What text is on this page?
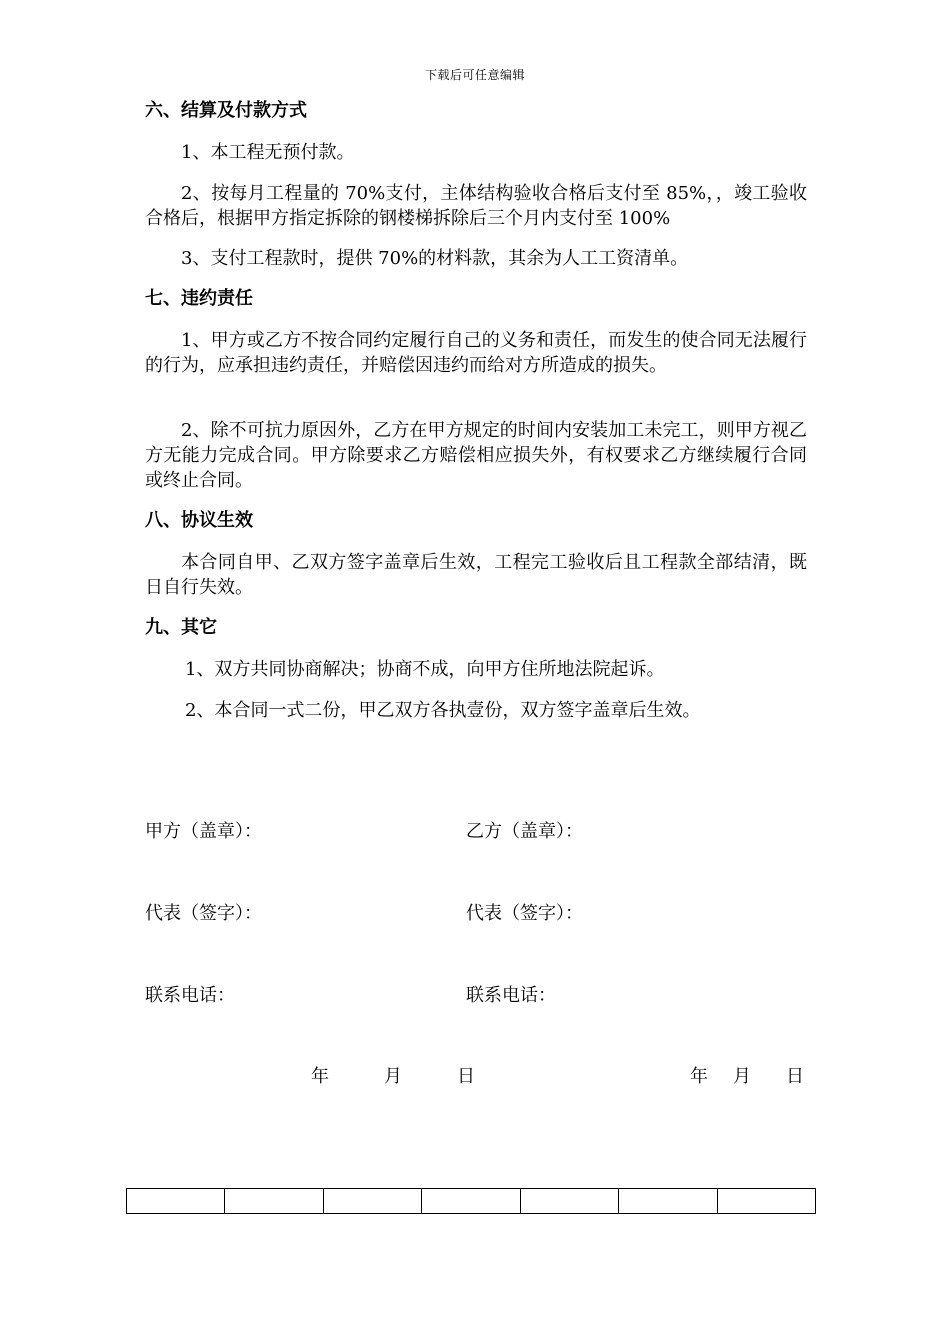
下载后可任意编辑
六、结算及付款方式
1、本工程无预付款。
2、按每月工程量的 70%支付，主体结构验收合格后支付至 85%，，竣工验收合格后，根据甲方指定拆除的钢楼梯拆除后三个月内支付至 100%
3、支付工程款时，提供 70%的材料款，其余为人工工资清单。
七、违约责任
1、甲方或乙方不按合同约定履行自己的义务和责任，而发生的使合同无法履行的行为，应承担违约责任，并赔偿因违约而给对方所造成的损失。
2、除不可抗力原因外，乙方在甲方规定的时间内安装加工未完工，则甲方视乙方无能力完成合同。甲方除要求乙方赔偿相应损失外，有权要求乙方继续履行合同或终止合同。
八、协议生效
本合同自甲、乙双方签字盖章后生效，工程完工验收后且工程款全部结清，既日自行失效。
九、其它
1、双方共同协商解决；协商不成，向甲方住所地法院起诉。
2、本合同一式二份，甲乙双方各执壹份，双方签字盖章后生效。
甲方（盖章）：	乙方（盖章）：
代表（签字）：	代表（签字）：
联系电话：	联系电话：
年	月	日	年 月 日
